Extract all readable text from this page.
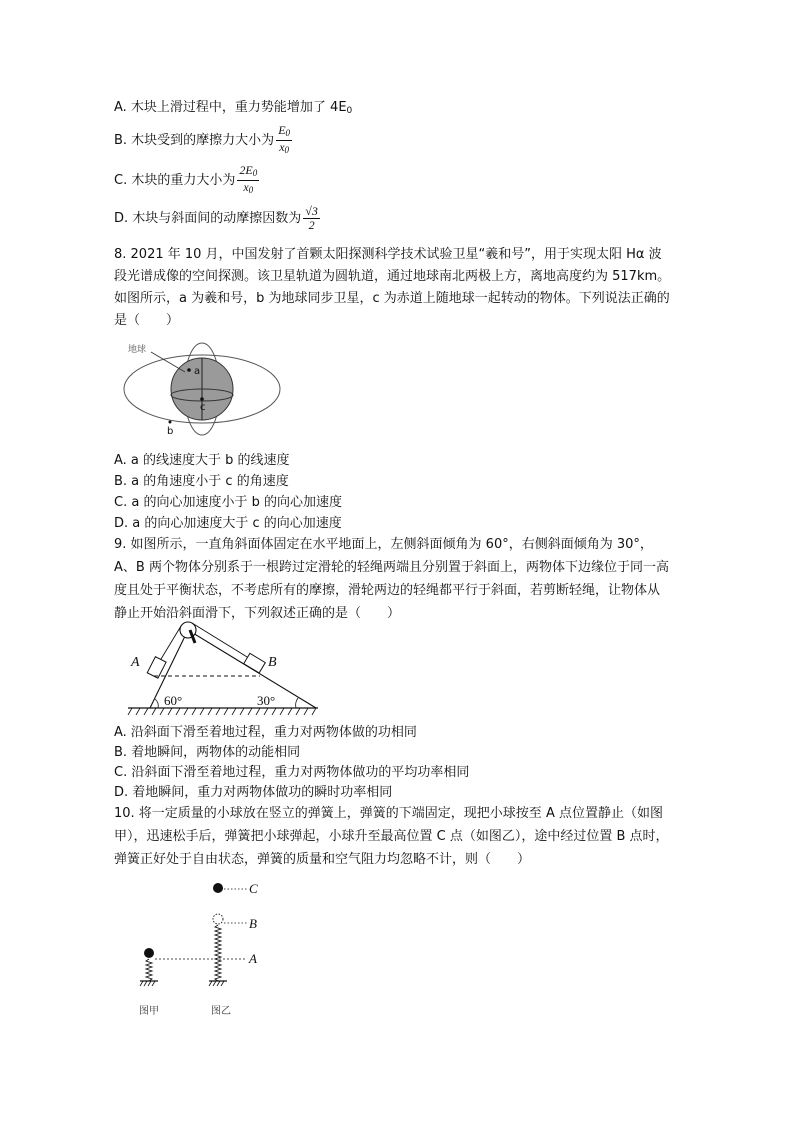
A. 木块上滑过程中，重力势能增加了 $4E_0$
B. 木块受到的摩擦力大小为 $\frac{E_0}{x_0}$
C. 木块的重力大小为 $\frac{2E_0}{x_0}$
D. 木块与斜面间的动摩擦因数为 $\frac{√3}{2}$
8. 2021 年 10 月，中国发射了首颗太阳探测科学技术试验卫星“羲和号”，用于实现太阳 Hα 波
段光谱成像的空间探测。该卫星轨道为圆轨道，通过地球南北两极上方，离地高度约为 517km。
如图所示，a 为羲和号，b 为地球同步卫星，c 为赤道上随地球一起转动的物体。下列说法正确的
是（　　）
地球
a
c
b
A. a 的线速度大于 b 的线速度
B. a 的角速度小于 c 的角速度
C. a 的向心加速度小于 b 的向心加速度
D. a 的向心加速度大于 c 的向心加速度
9. 如图所示，一直角斜面体固定在水平地面上，左侧斜面倾角为 60°，右侧斜面倾角为 30°，
A、B 两个物体分别系于一根跨过定滑轮的轻绳两端且分别置于斜面上，两物体下边缘位于同一高
度且处于平衡状态，不考虑所有的摩擦，滑轮两边的轻绳都平行于斜面，若剪断轻绳，让物体从
静止开始沿斜面滑下，下列叙述正确的是（　　）
A	B
60°	30°
A. 沿斜面下滑至着地过程，重力对两物体做的功相同
B. 着地瞬间，两物体的动能相同
C. 沿斜面下滑至着地过程，重力对两物体做功的平均功率相同
D. 着地瞬间，重力对两物体做功的瞬时功率相同
10. 将一定质量的小球放在竖立的弹簧上，弹簧的下端固定，现把小球按至 A 点位置静止（如图
甲），迅速松手后，弹簧把小球弹起，小球升至最高位置 C 点（如图乙），途中经过位置 B 点时，
弹簧正好处于自由状态，弹簧的质量和空气阻力均忽略不计，则（　　）
C
B
A
图甲	图乙
